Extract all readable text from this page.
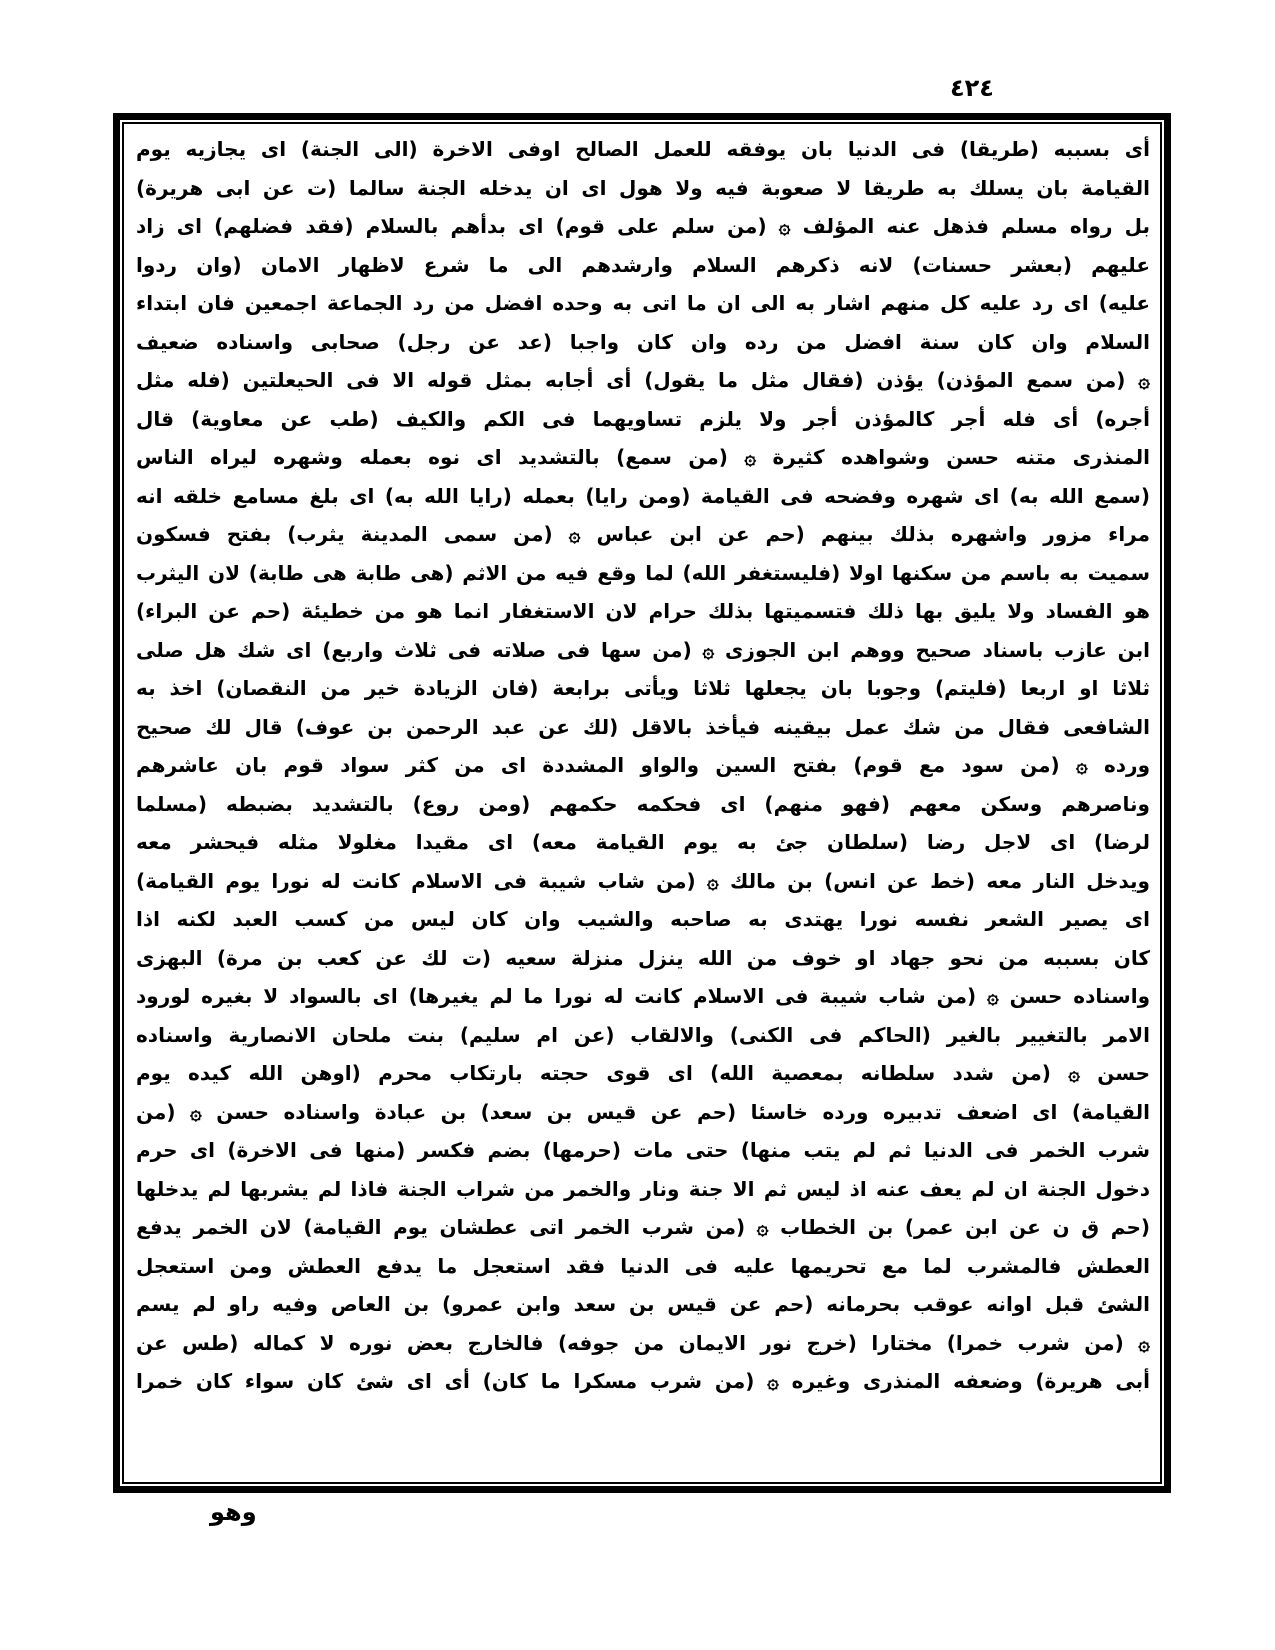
٤٢٤
أى بسببه (طريقا) فى الدنيا بان يوفقه للعمل الصالح اوفى الاخرة (الى الجنة) اى يجازيه يوم
القيامة بان يسلك به طريقا لا صعوبة فيه ولا هول اى ان يدخله الجنة سالما (ت عن ابى هريرة)
بل رواه مسلم فذهل عنه المؤلف ۞ (من سلم على قوم) اى بدأهم بالسلام (فقد فضلهم) اى زاد
عليهم (بعشر حسنات) لانه ذكرهم السلام وارشدهم الى ما شرع لاظهار الامان (وان ردوا
عليه) اى رد عليه كل منهم اشار به الى ان ما اتى به وحده افضل من رد الجماعة اجمعين فان ابتداء
السلام وان كان سنة افضل من رده وان كان واجبا (عد عن رجل) صحابى واسناده ضعيف
۞ (من سمع المؤذن) يؤذن (فقال مثل ما يقول) أى أجابه بمثل قوله الا فى الحيعلتين (فله مثل
أجره) أى فله أجر كالمؤذن أجر ولا يلزم تساويهما فى الكم والكيف (طب عن معاوية) قال
المنذرى متنه حسن وشواهده كثيرة ۞ (من سمع) بالتشديد اى نوه بعمله وشهره ليراه الناس
(سمع الله به) اى شهره وفضحه فى القيامة (ومن رايا) بعمله (رايا الله به) اى بلغ مسامع خلقه انه
مراء مزور واشهره بذلك بينهم (حم عن ابن عباس ۞ (من سمى المدينة يثرب) بفتح فسكون
سميت به باسم من سكنها اولا (فليستغفر الله) لما وقع فيه من الاثم (هى طابة هى طابة) لان اليثرب
هو الفساد ولا يليق بها ذلك فتسميتها بذلك حرام لان الاستغفار انما هو من خطيئة (حم عن البراء)
ابن عازب باسناد صحيح ووهم ابن الجوزى ۞ (من سها فى صلاته فى ثلاث واربع) اى شك هل صلى
ثلاثا او اربعا (فليتم) وجوبا بان يجعلها ثلاثا ويأتى برابعة (فان الزيادة خير من النقصان) اخذ به
الشافعى فقال من شك عمل بيقينه فيأخذ بالاقل (لك عن عبد الرحمن بن عوف) قال لك صحيح
ورده ۞ (من سود مع قوم) بفتح السين والواو المشددة اى من كثر سواد قوم بان عاشرهم
وناصرهم وسكن معهم (فهو منهم) اى فحكمه حكمهم (ومن روع) بالتشديد بضبطه (مسلما
لرضا) اى لاجل رضا (سلطان جئ به يوم القيامة معه) اى مقيدا مغلولا مثله فيحشر معه
ويدخل النار معه (خط عن انس) بن مالك ۞ (من شاب شيبة فى الاسلام كانت له نورا يوم القيامة)
اى يصير الشعر نفسه نورا يهتدى به صاحبه والشيب وان كان ليس من كسب العبد لكنه اذا
كان بسببه من نحو جهاد او خوف من الله ينزل منزلة سعيه (ت لك عن كعب بن مرة) البهزى
واسناده حسن ۞ (من شاب شيبة فى الاسلام كانت له نورا ما لم يغيرها) اى بالسواد لا بغيره لورود
الامر بالتغيير بالغير (الحاكم فى الكنى) والالقاب (عن ام سليم) بنت ملحان الانصارية واسناده
حسن ۞ (من شدد سلطانه بمعصية الله) اى قوى حجته بارتكاب محرم (اوهن الله كيده يوم
القيامة) اى اضعف تدبيره ورده خاسئا (حم عن قيس بن سعد) بن عبادة واسناده حسن ۞ (من
شرب الخمر فى الدنيا ثم لم يتب منها) حتى مات (حرمها) بضم فكسر (منها فى الاخرة) اى حرم
دخول الجنة ان لم يعف عنه اذ ليس ثم الا جنة ونار والخمر من شراب الجنة فاذا لم يشربها لم يدخلها
(حم ق ن عن ابن عمر) بن الخطاب ۞ (من شرب الخمر اتى عطشان يوم القيامة) لان الخمر يدفع
العطش فالمشرب لما مع تحريمها عليه فى الدنيا فقد استعجل ما يدفع العطش ومن استعجل
الشئ قبل اوانه عوقب بحرمانه (حم عن قيس بن سعد وابن عمرو) بن العاص وفيه راو لم يسم
۞ (من شرب خمرا) مختارا (خرج نور الايمان من جوفه) فالخارج بعض نوره لا كماله (طس عن
أبى هريرة) وضعفه المنذرى وغيره ۞ (من شرب مسكرا ما كان) أى اى شئ كان سواء كان خمرا
وهو
